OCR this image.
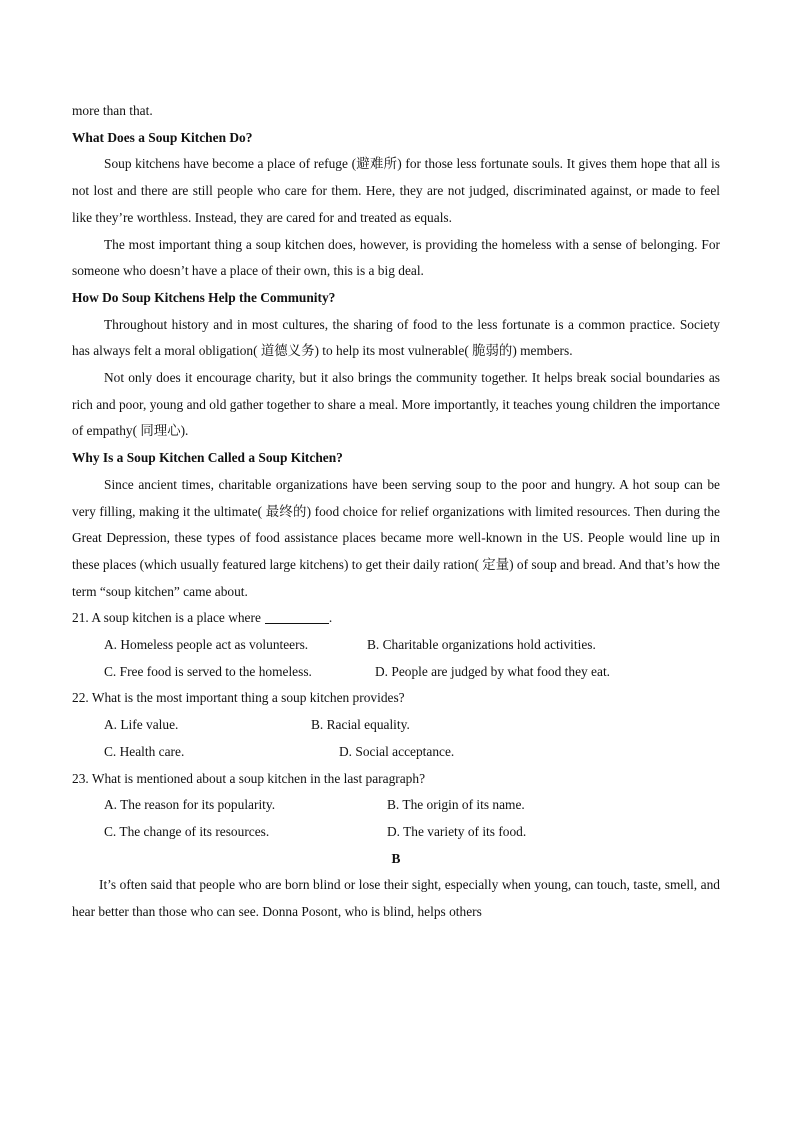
more than that.

What Does a Soup Kitchen Do?

Soup kitchens have become a place of refuge (避难所) for those less fortunate souls. It gives them hope that all is not lost and there are still people who care for them. Here, they are not judged, discriminated against, or made to feel like they’re worthless. Instead, they are cared for and treated as equals.

The most important thing a soup kitchen does, however, is providing the homeless with a sense of belonging. For someone who doesn’t have a place of their own, this is a big deal.

How Do Soup Kitchens Help the Community?

Throughout history and in most cultures, the sharing of food to the less fortunate is a common practice. Society has always felt a moral obligation( 道德义务) to help its most vulnerable( 脆弱的) members.

Not only does it encourage charity, but it also brings the community together. It helps break social boundaries as rich and poor, young and old gather together to share a meal. More importantly, it teaches young children the importance of empathy( 同理心).

Why Is a Soup Kitchen Called a Soup Kitchen?

Since ancient times, charitable organizations have been serving soup to the poor and hungry. A hot soup can be very filling, making it the ultimate( 最终的) food choice for relief organizations with limited resources. Then during the Great Depression, these types of food assistance places became more well-known in the US. People would line up in these places (which usually featured large kitchens) to get their daily ration( 定量) of soup and bread. And that’s how the term “soup kitchen” came about.

21. A soup kitchen is a place where	.

A. Homeless people act as volunteers.	B. Charitable organizations hold activities.
C. Free food is served to the homeless.	D. People are judged by what food they eat.

22. What is the most important thing a soup kitchen provides?

A. Life value.	B. Racial equality.
C. Health care.	D. Social acceptance.

23. What is mentioned about a soup kitchen in the last paragraph?

A. The reason for its popularity.	B. The origin of its name.
C. The change of its resources.	D. The variety of its food.

B

It’s often said that people who are born blind or lose their sight, especially when young, can touch, taste, smell, and hear better than those who can see. Donna Posont, who is blind, helps others
